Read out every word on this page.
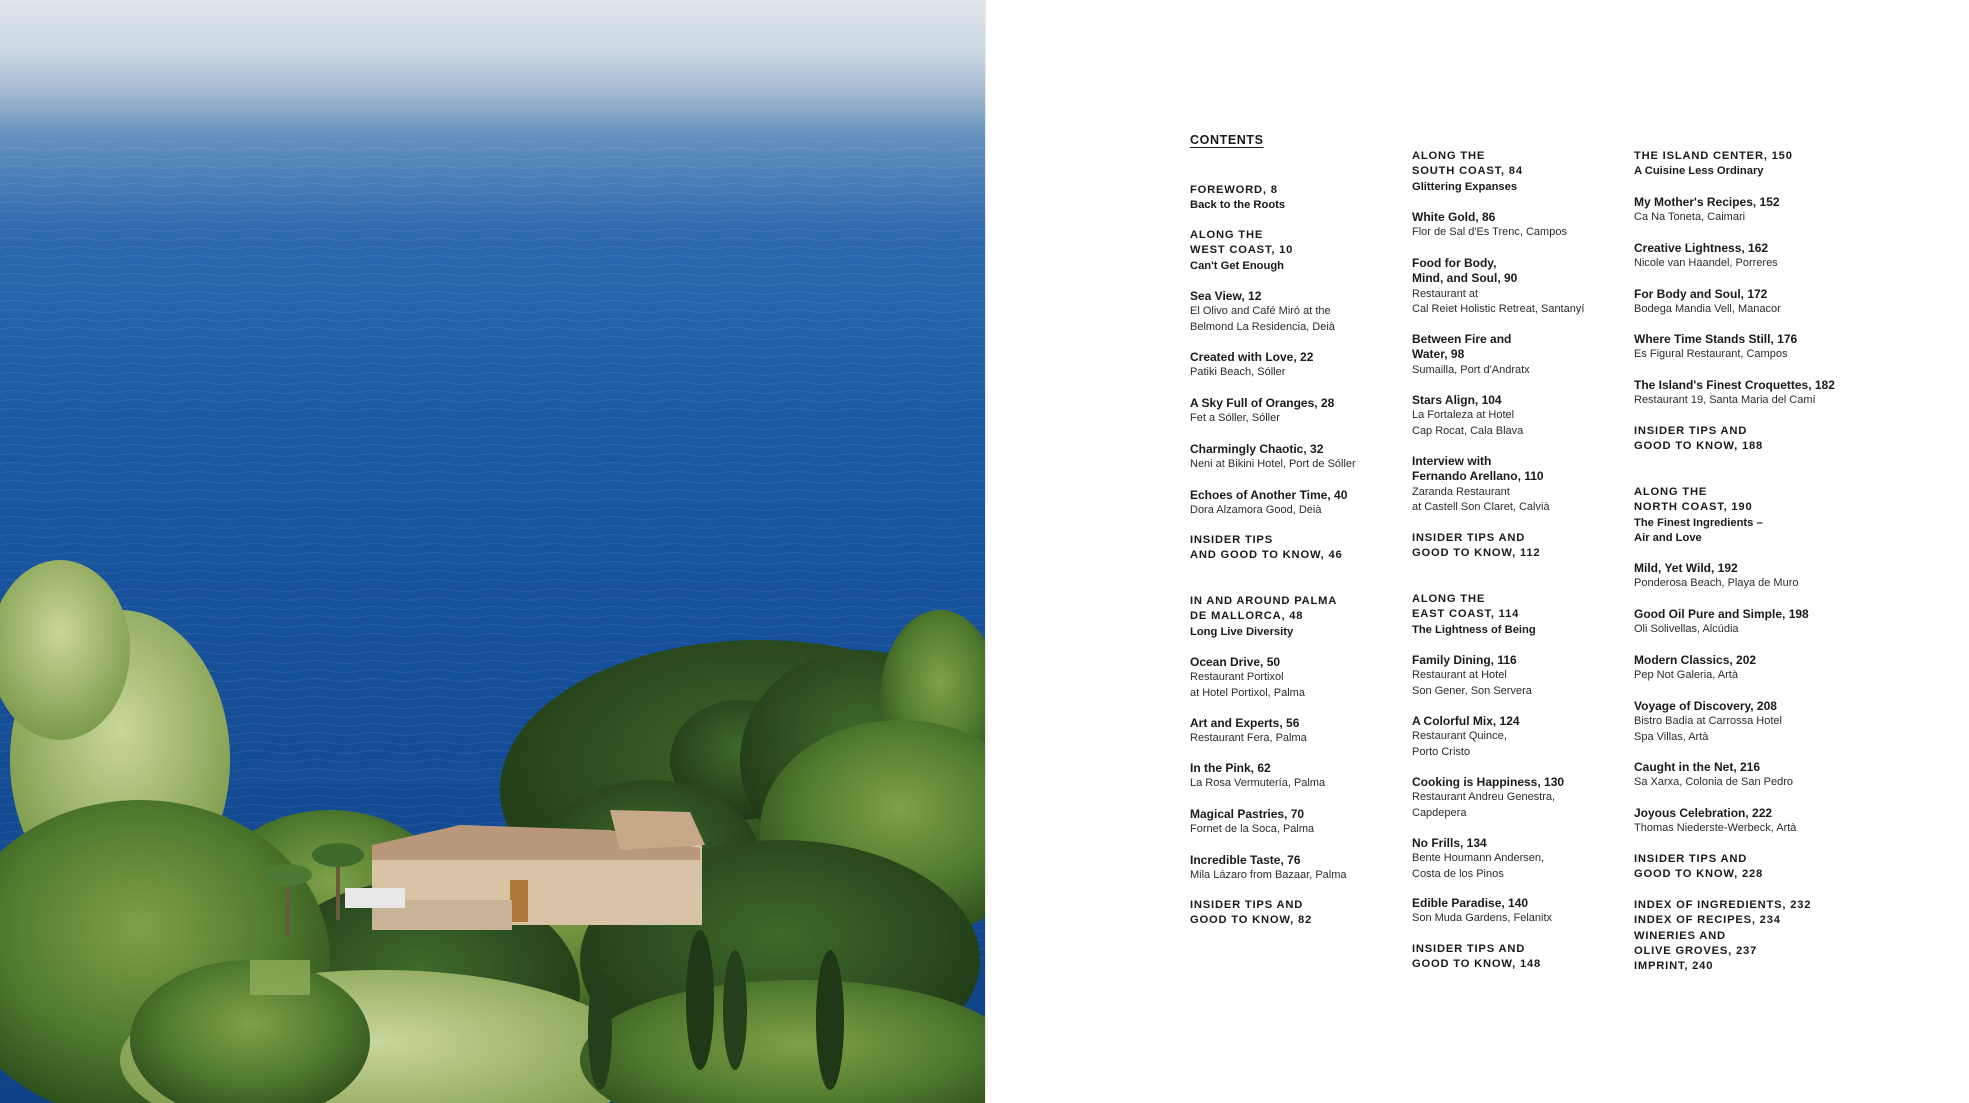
CONTENTS
FOREWORD, 8
Back to the Roots
ALONG THE
WEST COAST, 10
Can't Get Enough
Sea View, 12
El Olivo and Café Miró at the
Belmond La Residencia, Deià
Created with Love, 22
Patiki Beach, Sóller
A Sky Full of Oranges, 28
Fet a Sóller, Sóller
Charmingly Chaotic, 32
Neni at Bikini Hotel, Port de Sóller
Echoes of Another Time, 40
Dora Alzamora Good, Deià
INSIDER TIPS
AND GOOD TO KNOW, 46
IN AND AROUND PALMA
DE MALLORCA, 48
Long Live Diversity
Ocean Drive, 50
Restaurant Portixol
at Hotel Portixol, Palma
Art and Experts, 56
Restaurant Fera, Palma
In the Pink, 62
La Rosa Vermutería, Palma
Magical Pastries, 70
Fornet de la Soca, Palma
Incredible Taste, 76
Mila Lázaro from Bazaar, Palma
INSIDER TIPS AND
GOOD TO KNOW, 82
ALONG THE
SOUTH COAST, 84
Glittering Expanses
White Gold, 86
Flor de Sal d'Es Trenc, Campos
Food for Body,
Mind, and Soul, 90
Restaurant at
Cal Reiet Holistic Retreat, Santanyí
Between Fire and
Water, 98
Sumailla, Port d'Andratx
Stars Align, 104
La Fortaleza at Hotel
Cap Rocat, Cala Blava
Interview with
Fernando Arellano, 110
Zaranda Restaurant
at Castell Son Claret, Calvià
INSIDER TIPS AND
GOOD TO KNOW, 112
ALONG THE
EAST COAST, 114
The Lightness of Being
Family Dining, 116
Restaurant at Hotel
Son Gener, Son Servera
A Colorful Mix, 124
Restaurant Quince,
Porto Cristo
Cooking is Happiness, 130
Restaurant Andreu Genestra,
Capdepera
No Frills, 134
Bente Houmann Andersen,
Costa de los Pinos
Edible Paradise, 140
Son Muda Gardens, Felanitx
INSIDER TIPS AND
GOOD TO KNOW, 148
THE ISLAND CENTER, 150
A Cuisine Less Ordinary
My Mother's Recipes, 152
Ca Na Toneta, Caimari
Creative Lightness, 162
Nicole van Haandel, Porreres
For Body and Soul, 172
Bodega Mandia Vell, Manacor
Where Time Stands Still, 176
Es Figural Restaurant, Campos
The Island's Finest Croquettes, 182
Restaurant 19, Santa Maria del Camí
INSIDER TIPS AND
GOOD TO KNOW, 188
ALONG THE
NORTH COAST, 190
The Finest Ingredients –
Air and Love
Mild, Yet Wild, 192
Ponderosa Beach, Playa de Muro
Good Oil Pure and Simple, 198
Oli Solivellas, Alcúdia
Modern Classics, 202
Pep Not Galeria, Artà
Voyage of Discovery, 208
Bistro Badia at Carrossa Hotel
Spa Villas, Artà
Caught in the Net, 216
Sa Xarxa, Colonia de San Pedro
Joyous Celebration, 222
Thomas Niederste-Werbeck, Artà
INSIDER TIPS AND
GOOD TO KNOW, 228
INDEX OF INGREDIENTS, 232
INDEX OF RECIPES, 234
WINERIES AND
OLIVE GROVES, 237
IMPRINT, 240
